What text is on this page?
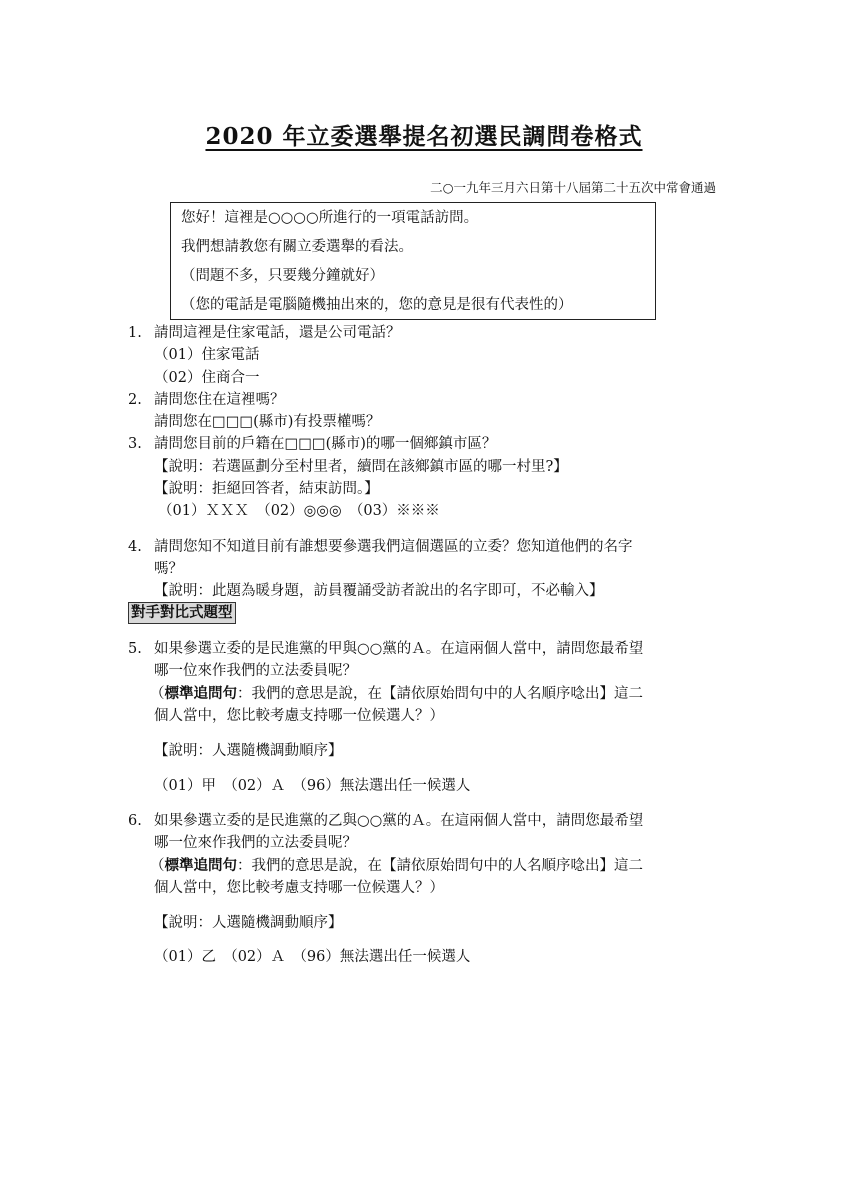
2020 年立委選舉提名初選民調問卷格式
二○一九年三月六日第十八屆第二十五次中常會通過
您好！這裡是○○○○所進行的一項電話訪問。
我們想請教您有關立委選舉的看法。
（問題不多，只要幾分鐘就好）
（您的電話是電腦隨機抽出來的，您的意見是很有代表性的）
1. 請問這裡是住家電話，還是公司電話？
（01）住家電話
（02）住商合一
2. 請問您住在這裡嗎？
請問您在□□□(縣市)有投票權嗎？
3. 請問您目前的戶籍在□□□(縣市)的哪一個鄉鎮市區？
【說明：若選區劃分至村里者，續問在該鄉鎮市區的哪一村里?】
【說明：拒絕回答者，結束訪問。】
（01）ＸＸＸ　（02）◎◎◎　（03）※※※
4. 請問您知不知道目前有誰想要參選我們這個選區的立委？您知道他們的名字
嗎？
【說明：此題為暖身題，訪員覆誦受訪者說出的名字即可，不必輸入】
對手對比式題型
5. 如果參選立委的是民進黨的甲與○○黨的Ａ。在這兩個人當中，請問您最希望
哪一位來作我們的立法委員呢？
（標準追問句：我們的意思是說，在【請依原始問句中的人名順序唸出】這二
個人當中，您比較考慮支持哪一位候選人？）
【說明：人選隨機調動順序】
（01）甲　（02）Ａ　（96）無法選出任一候選人
6. 如果參選立委的是民進黨的乙與○○黨的Ａ。在這兩個人當中，請問您最希望
哪一位來作我們的立法委員呢？
（標準追問句：我們的意思是說，在【請依原始問句中的人名順序唸出】這二
個人當中，您比較考慮支持哪一位候選人？）
【說明：人選隨機調動順序】
（01）乙　（02）Ａ　（96）無法選出任一候選人
